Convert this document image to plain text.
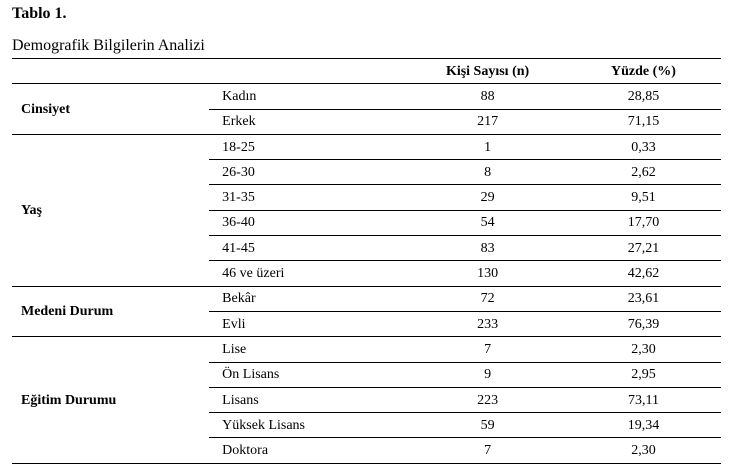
Tablo 1.
Demografik Bilgilerin Analizi
		Kişi Sayısı (n)	Yüzde (%)
Cinsiyet	Kadın	88	28,85
	Erkek	217	71,15
Yaş	18-25	1	0,33
	26-30	8	2,62
	31-35	29	9,51
	36-40	54	17,70
	41-45	83	27,21
	46 ve üzeri	130	42,62
Medeni Durum	Bekâr	72	23,61
	Evli	233	76,39
Eğitim Durumu	Lise	7	2,30
	Ön Lisans	9	2,95
	Lisans	223	73,11
	Yüksek Lisans	59	19,34
	Doktora	7	2,30
